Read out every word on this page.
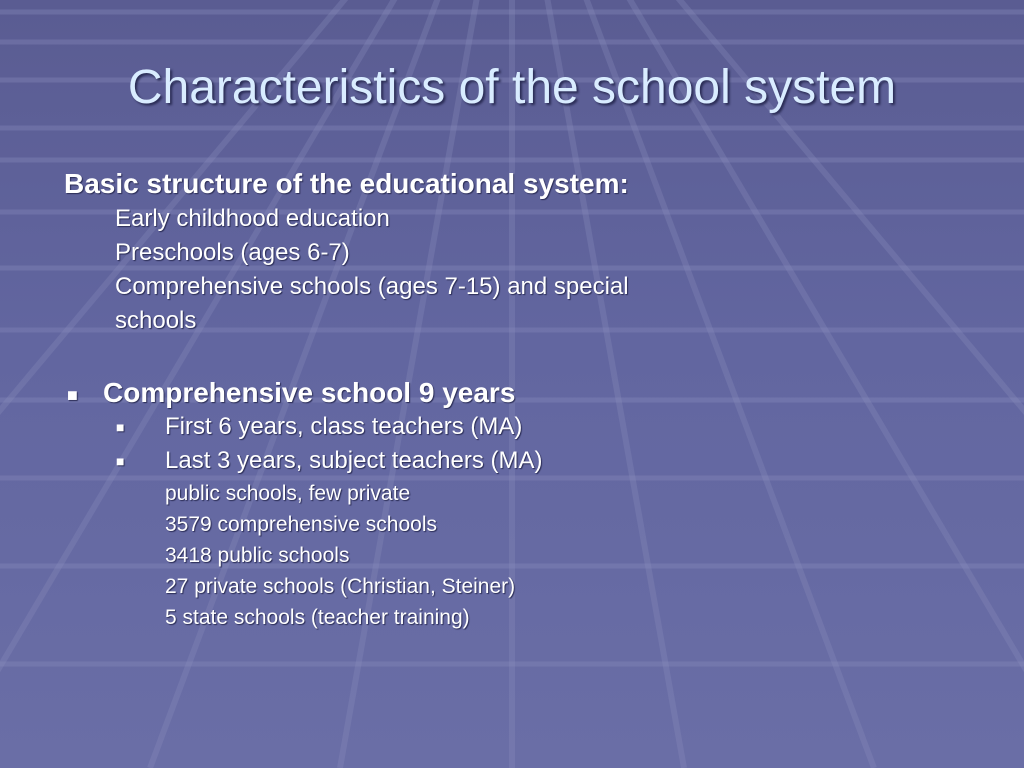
Characteristics of the school system
Basic structure of the educational system:
Early childhood education
Preschools (ages 6-7)
Comprehensive schools (ages 7-15) and special
schools
■ Comprehensive school 9 years
■ First 6 years, class teachers (MA)
■ Last 3 years, subject teachers (MA)
public schools, few private
3579 comprehensive schools
3418 public schools
27 private schools (Christian, Steiner)
5 state schools (teacher training)
